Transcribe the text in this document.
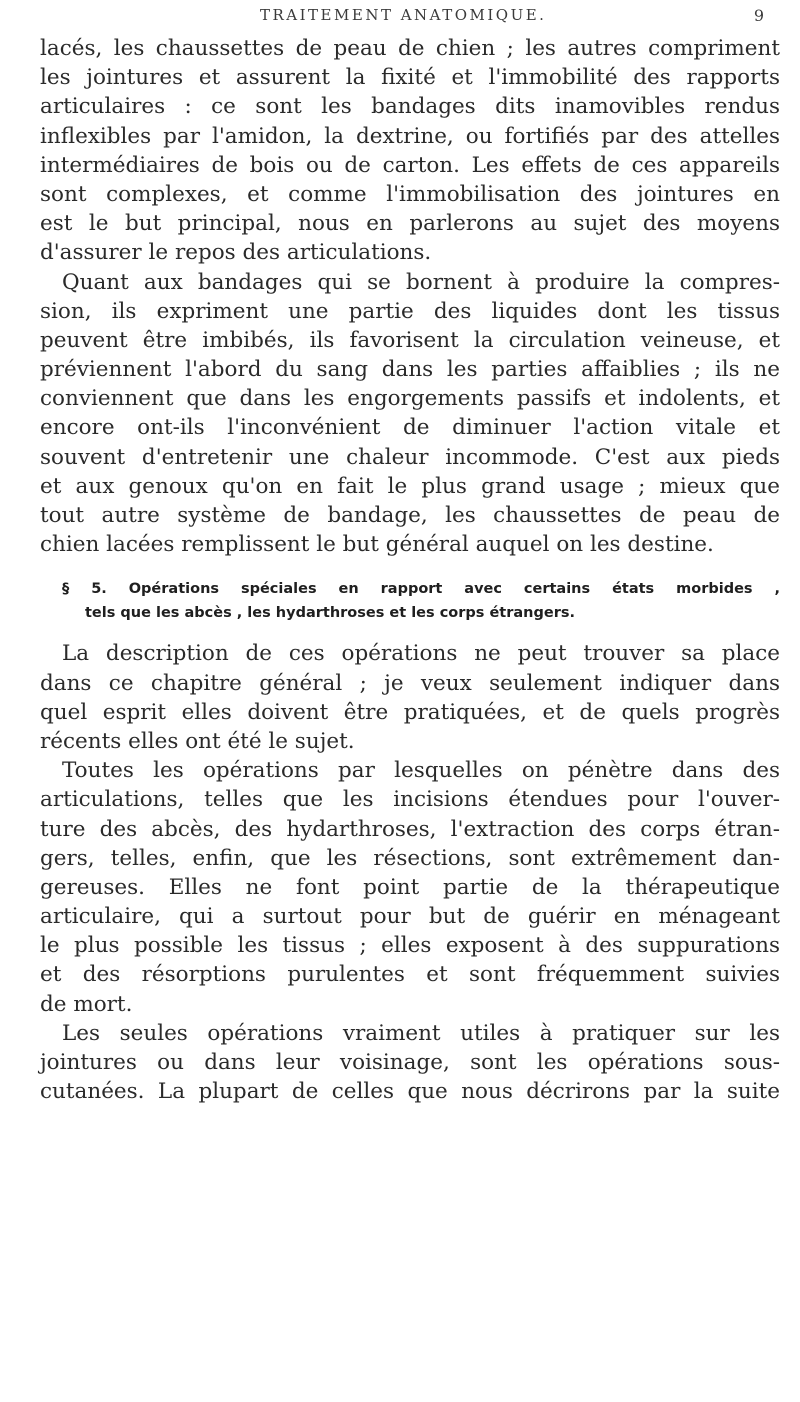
TRAITEMENT ANATOMIQUE.	9

lacés, les chaussettes de peau de chien ; les autres compriment
les jointures et assurent la fixité et l'immobilité des rapports
articulaires : ce sont les bandages dits inamovibles rendus
inflexibles par l'amidon, la dextrine, ou fortifiés par des attelles
intermédiaires de bois ou de carton. Les effets de ces appareils
sont complexes, et comme l'immobilisation des jointures en
est le but principal, nous en parlerons au sujet des moyens
d'assurer le repos des articulations.

Quant aux bandages qui se bornent à produire la compres-
sion, ils expriment une partie des liquides dont les tissus
peuvent être imbibés, ils favorisent la circulation veineuse, et
préviennent l'abord du sang dans les parties affaiblies ; ils ne
conviennent que dans les engorgements passifs et indolents, et
encore ont-ils l'inconvénient de diminuer l'action vitale et
souvent d'entretenir une chaleur incommode. C'est aux pieds
et aux genoux qu'on en fait le plus grand usage ; mieux que
tout autre système de bandage, les chaussettes de peau de
chien lacées remplissent le but général auquel on les destine.

§ 5. Opérations spéciales en rapport avec certains états morbides ,
tels que les abcès , les hydarthroses et les corps étrangers.

La description de ces opérations ne peut trouver sa place
dans ce chapitre général ; je veux seulement indiquer dans
quel esprit elles doivent être pratiquées, et de quels progrès
récents elles ont été le sujet.

Toutes les opérations par lesquelles on pénètre dans des
articulations, telles que les incisions étendues pour l'ouver-
ture des abcès, des hydarthroses, l'extraction des corps étran-
gers, telles, enfin, que les résections, sont extrêmement dan-
gereuses. Elles ne font point partie de la thérapeutique
articulaire, qui a surtout pour but de guérir en ménageant
le plus possible les tissus ; elles exposent à des suppurations
et des résorptions purulentes et sont fréquemment suivies
de mort.

Les seules opérations vraiment utiles à pratiquer sur les
jointures ou dans leur voisinage, sont les opérations sous-
cutanées. La plupart de celles que nous décrirons par la suite
